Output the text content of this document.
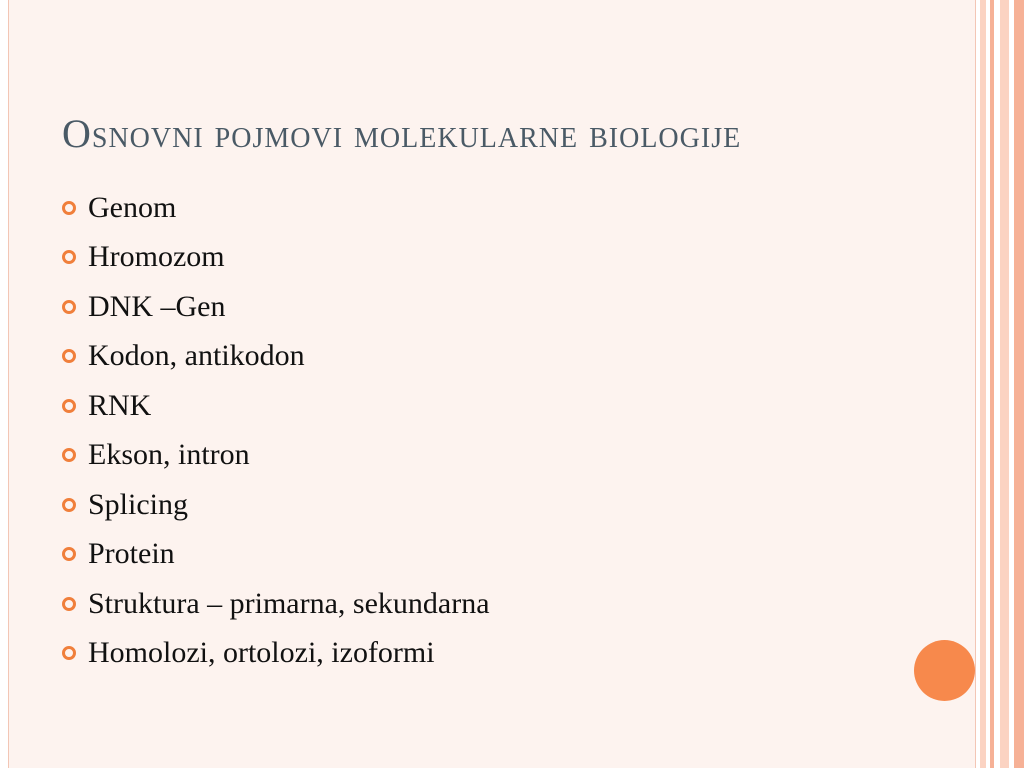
Osnovni pojmovi molekularne biologije
Genom
Hromozom
DNK –Gen
Kodon, antikodon
RNK
Ekson, intron
Splicing
Protein
Struktura – primarna, sekundarna
Homolozi, ortolozi, izoformi
